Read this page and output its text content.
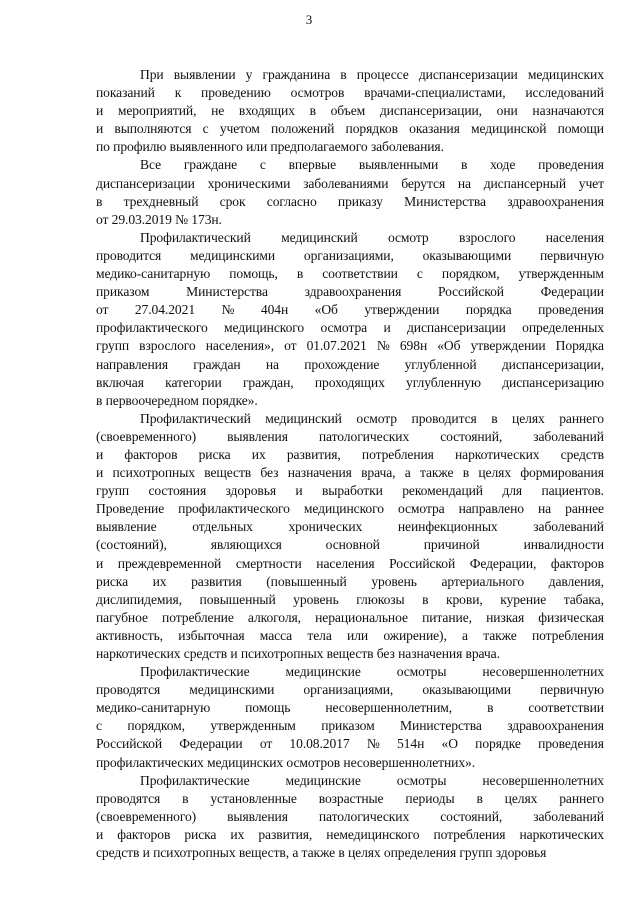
3
При выявлении у гражданина в процессе диспансеризации медицинских
показаний к проведению осмотров врачами-специалистами, исследований
и мероприятий, не входящих в объем диспансеризации, они назначаются
и выполняются с учетом положений порядков оказания медицинской помощи
по профилю выявленного или предполагаемого заболевания.
Все граждане с впервые выявленными в ходе проведения
диспансеризации хроническими заболеваниями берутся на диспансерный учет
в трехдневный срок согласно приказу Министерства здравоохранения
от 29.03.2019 № 173н.
Профилактический медицинский осмотр взрослого населения
проводится медицинскими организациями, оказывающими первичную
медико-санитарную помощь, в соответствии с порядком, утвержденным
приказом	Министерства	здравоохранения	Российской	Федерации
от 27.04.2021 № 404н «Об утверждении порядка проведения
профилактического медицинского осмотра и диспансеризации определенных
групп взрослого населения», от 01.07.2021 № 698н «Об утверждении Порядка
направления граждан на прохождение углубленной диспансеризации,
включая категории граждан, проходящих углубленную диспансеризацию
в первоочередном порядке».
Профилактический медицинский осмотр проводится в целях раннего
(своевременного) выявления патологических состояний, заболеваний
и факторов риска их развития, потребления наркотических средств
и психотропных веществ без назначения врача, а также в целях формирования
групп состояния здоровья и выработки рекомендаций для пациентов.
Проведение профилактического медицинского осмотра направлено на раннее
выявление	отдельных	хронических	неинфекционных	заболеваний
(состояний),	являющихся	основной	причиной	инвалидности
и преждевременной смертности населения Российской Федерации, факторов
риска их развития (повышенный уровень артериального давления,
дислипидемия, повышенный уровень глюкозы в крови, курение табака,
пагубное потребление алкоголя, нерациональное питание, низкая физическая
активность, избыточная масса тела или ожирение), а также потребления
наркотических средств и психотропных веществ без назначения врача.
Профилактические	медицинские	осмотры	несовершеннолетних
проводятся медицинскими организациями, оказывающими первичную
медико-санитарную	помощь	несовершеннолетним,	в	соответствии
с порядком, утвержденным приказом Министерства здравоохранения
Российской Федерации от 10.08.2017 № 514н «О порядке проведения
профилактических медицинских осмотров несовершеннолетних».
Профилактические	медицинские	осмотры	несовершеннолетних
проводятся в установленные возрастные периоды в целях раннего
(своевременного) выявления патологических состояний, заболеваний
и факторов риска их развития, немедицинского потребления наркотических
средств и психотропных веществ, а также в целях определения групп здоровья
